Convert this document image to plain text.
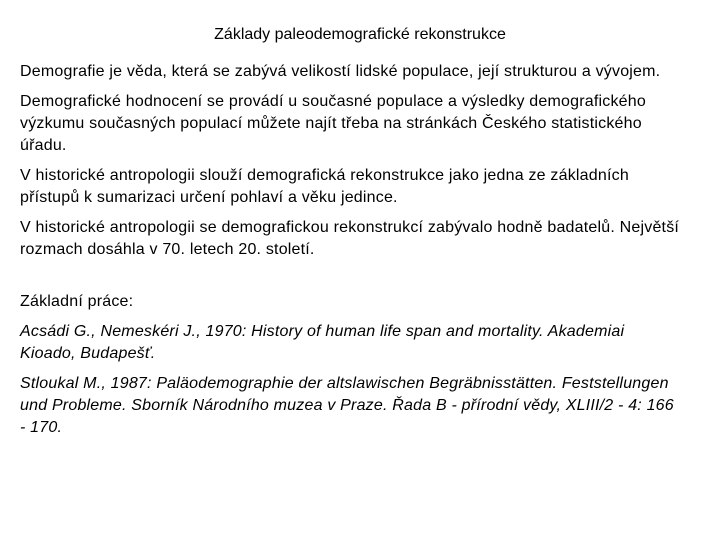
Základy paleodemografické rekonstrukce

Demografie je věda, která se zabývá velikostí lidské populace, její strukturou a vývojem.

Demografické hodnocení se provádí u současné populace a výsledky demografického výzkumu současných populací můžete najít třeba na stránkách Českého statistického úřadu.

V historické antropologii slouží demografická rekonstrukce jako jedna ze základních přístupů k sumarizaci určení pohlaví a věku jedince.

V historické antropologii se demografickou rekonstrukcí zabývalo hodně badatelů. Největší rozmach dosáhla v 70. letech 20. století.

Základní práce:

Acsádi G., Nemeskéri J., 1970: History of human life span and mortality. Akademiai Kioado, Budapešť.

Stloukal M., 1987: Paläodemographie der altslawischen Begräbnisstätten. Feststellungen und Probleme. Sborník Národního muzea v Praze. Řada B - přírodní vědy, XLIII/2 - 4: 166 - 170.
